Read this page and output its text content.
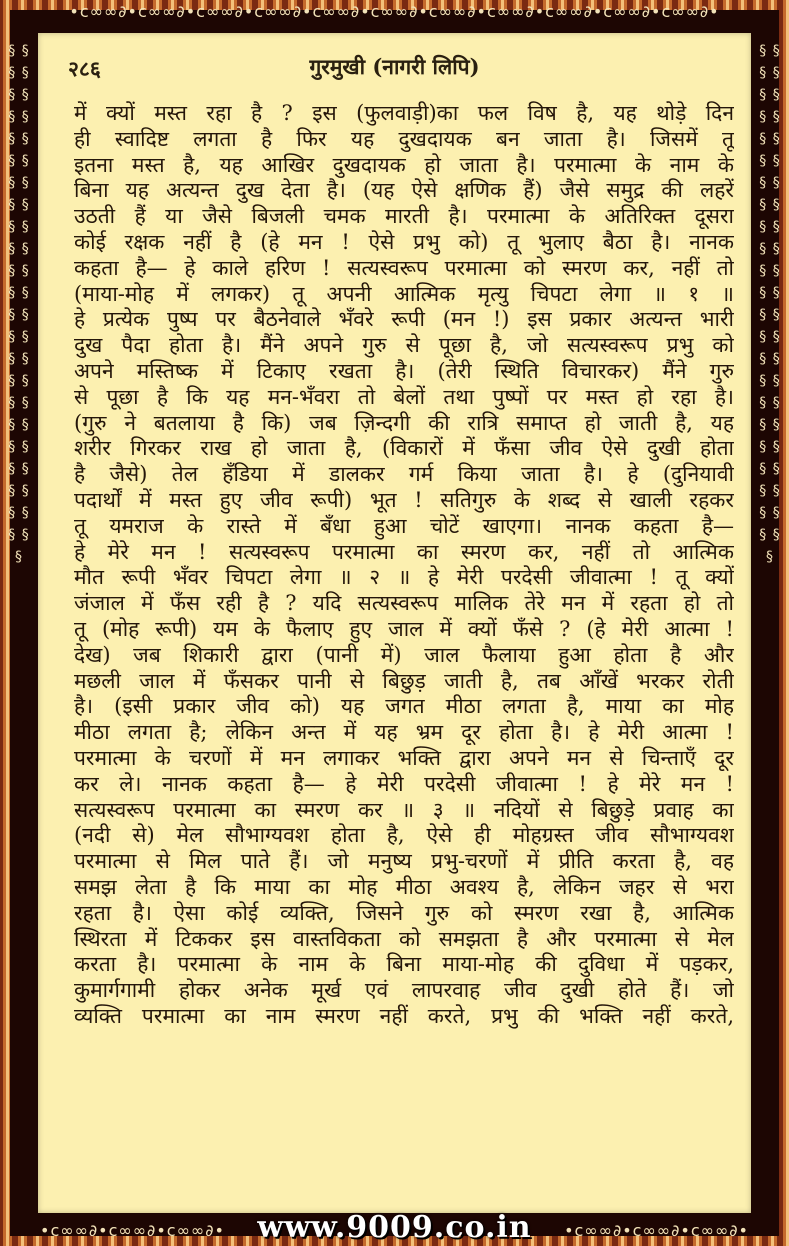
•c∞∞∂•c∞∞∂•c∞∞∂•c∞∞∂•c∞∞∂•c∞∞∂•c∞∞∂•c∞∞∂•c∞∞∂•c∞∞∂•c∞∞∂•
§ § § § § § § § § § § § § § § § § § § § § § § § § § § § § § § § § § § § § § § § § § § § § § §
§ § § § § § § § § § § § § § § § § § § § § § § § § § § § § § § § § § § § § § § § § § § § § § §
२८६	गुरमुखी (नागरी लिपि)
में क्यों मस्त रहा है ? इस (फुलवाड़ी)का फल विष है, यह थोड़े दिन
ही स्वादिष्ट लगता है फिर यह दुखदायक बन जाता है। जिसमें तू
इतना मस्त है, यह आखिर दुखदायक हो जाता है। परमात्मा के नाम के
बिना यह अत्यन्त दुख देता है। (यह ऐसे क्षणिक हैं) जैसे समुद्र की लहरें
उठती हैं या जैसे बिजली चमक मारती है। परमात्मा के अतिरिक्त दूसरा
कोई रक्षक नहीं है (हे मन ! ऐसे प्रभु को) तू भुलाए बैठा है। नानक
कहता है— हे काले हरिण ! सत्यस्वरूप परमात्मा को स्मरण कर, नहीं तो
(माया-मोह में लगकर) तू अपनी आत्मिक मृत्यु चिपटा लेगा ॥ १ ॥
हे प्रत्येक पुष्प पर बैठनेवाले भँवरे रूपी (मन !) इस प्रकार अत्यन्त भारी
दुख पैदा होता है। मैंने अपने गुरु से पूछा है, जो सत्यस्वरूप प्रभु को
अपने मस्तिष्क में टिकाए रखता है। (तेरी स्थिति विचारकर) मैंने गुरु
से पूछा है कि यह मन-भँवरा तो बेलों तथा पुष्पों पर मस्त हो रहा है।
(गुरु ने बतलाया है कि) जब ज़िन्दगी की रात्रि समाप्त हो जाती है, यह
शरीर गिरकर राख हो जाता है, (विकारों में फँसा जीव ऐसे दुखी होता
है जैसे) तेल हँडिया में डालकर गर्म किया जाता है। हे (दुनियावी
पदार्थों में मस्त हुए जीव रूपी) भूत ! सतिगुरु के शब्द से खाली रहकर
तू यमराज के रास्ते में बँधा हुआ चोटें खाएगा। नानक कहता है—
हे मेरे मन ! सत्यस्वरूप परमात्मा का स्मरण कर, नहीं तो आत्मिक
मौत रूपी भँवर चिपटा लेगा ॥ २ ॥ हे मेरी परदेसी जीवात्मा ! तू क्यों
जंजाल में फँस रही है ? यदि सत्यस्वरूप मालिक तेरे मन में रहता हो तो
तू (मोह रूपी) यम के फैलाए हुए जाल में क्यों फँसे ? (हे मेरी आत्मा !
देख) जब शिकारी द्वारा (पानी में) जाल फैलाया हुआ होता है और
मछली जाल में फँसकर पानी से बिछुड़ जाती है, तब आँखें भरकर रोती
है। (इसी प्रकार जीव को) यह जगत मीठा लगता है, माया का मोह
मीठा लगता है; लेकिन अन्त में यह भ्रम दूर होता है। हे मेरी आत्मा !
परमात्मा के चरणों में मन लगाकर भक्ति द्वारा अपने मन से चिन्ताएँ दूर
कर ले। नानक कहता है— हे मेरी परदेसी जीवात्मा ! हे मेरे मन !
सत्यस्वरूप परमात्मा का स्मरण कर ॥ ३ ॥ नदियों से बिछुड़े प्रवाह का
(नदी से) मेल सौभाग्यवश होता है, ऐसे ही मोहग्रस्त जीव सौभाग्यवश
परमात्मा से मिल पाते हैं। जो मनुष्य प्रभु-चरणों में प्रीति करता है, वह
समझ लेता है कि माया का मोह मीठा अवश्य है, लेकिन जहर से भरा
रहता है। ऐसा कोई व्यक्ति, जिसने गुरु को स्मरण रखा है, आत्मिक
स्थिरता में टिककर इस वास्तविकता को समझता है और परमात्मा से मेल
करता है। परमात्मा के नाम के बिना माया-मोह की दुविधा में पड़कर,
कुमार्गगामी होकर अनेक मूर्ख एवं लापरवाह जीव दुखी होते हैं। जो
व्यक्ति परमात्मा का नाम स्मरण नहीं करते, प्रभु की भक्ति नहीं करते,
•c∞∞∂•c∞∞∂•c∞∞∂• www.9009.co.in •c∞∞∂•c∞∞∂•c∞∞∂•
